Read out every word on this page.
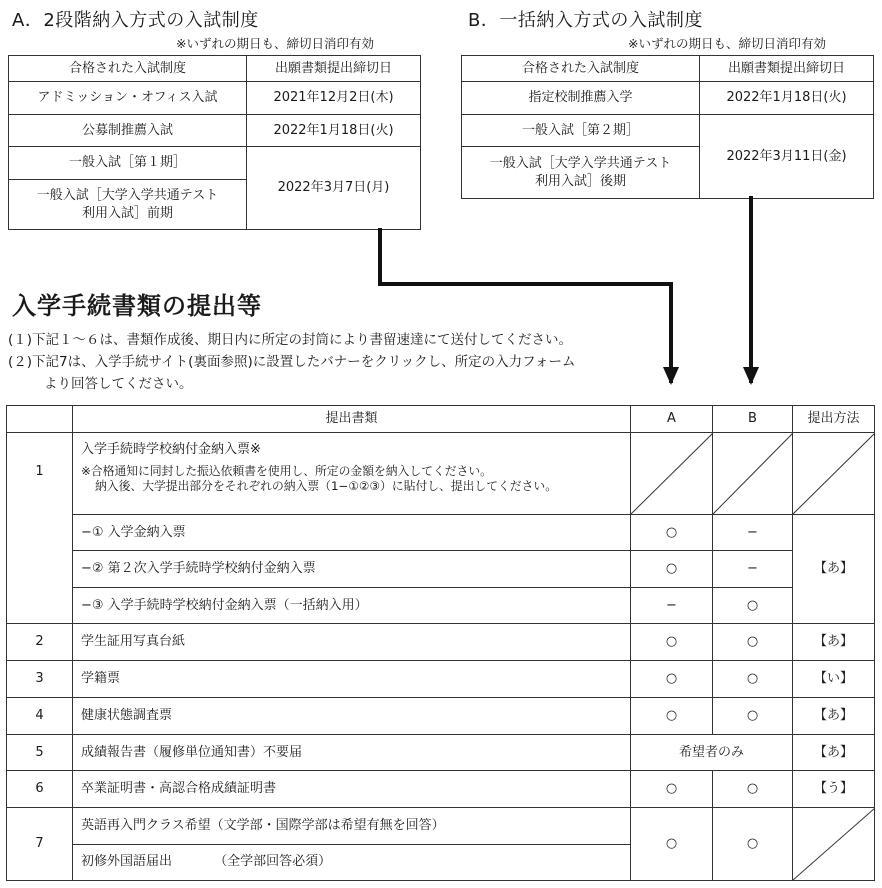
A．2段階納入方式の入試制度
※いずれの期日も、締切日消印有効
合格された入試制度	出願書類提出締切日
アドミッション・オフィス入試	2021年12月2日(木)
公募制推薦入試	2022年1月18日(火)
一般入試［第１期］	2022年3月7日(月)
一般入試［大学入学共通テスト
利用入試］前期	
B．一括納入方式の入試制度
※いずれの期日も、締切日消印有効
合格された入試制度	出願書類提出締切日
指定校制推薦入学	2022年1月18日(火)
一般入試［第２期］	2022年3月11日(金)
一般入試［大学入学共通テスト
利用入試］後期	
入学手続書類の提出等
(１)下記１～６は、書類作成後、期日内に所定の封筒により書留速達にて送付してください。
(２)下記7は、入学手続サイト(裏面参照)に設置したバナーをクリックし、所定の入力フォーム
より回答してください。
	提出書類	A	B	提出方法
1	入学手続時学校納付金納入票※
※合格通知に同封した振込依頼書を使用し、所定の金額を納入してください。
納入後、大学提出部分をそれぞれの納入票（1−①②③）に貼付し、提出してください。

	−① 入学金納入票	○	−	【あ】
	−② 第２次入学手続時学校納付金納入票	○	−	
	−③ 入学手続時学校納付金納入票（一括納入用）	−	○	
2	学生証用写真台紙	○	○	【あ】
3	学籍票	○	○	【い】
4	健康状態調査票	○	○	【あ】
5	成績報告書（履修単位通知書）不要届	希望者のみ		【あ】
6	卒業証明書・高認合格成績証明書	○	○	【う】
7	英語再入門クラス希望（文学部・国際学部は希望有無を回答）	○	○	

	初修外国語届出 （全学部回答必須）			
